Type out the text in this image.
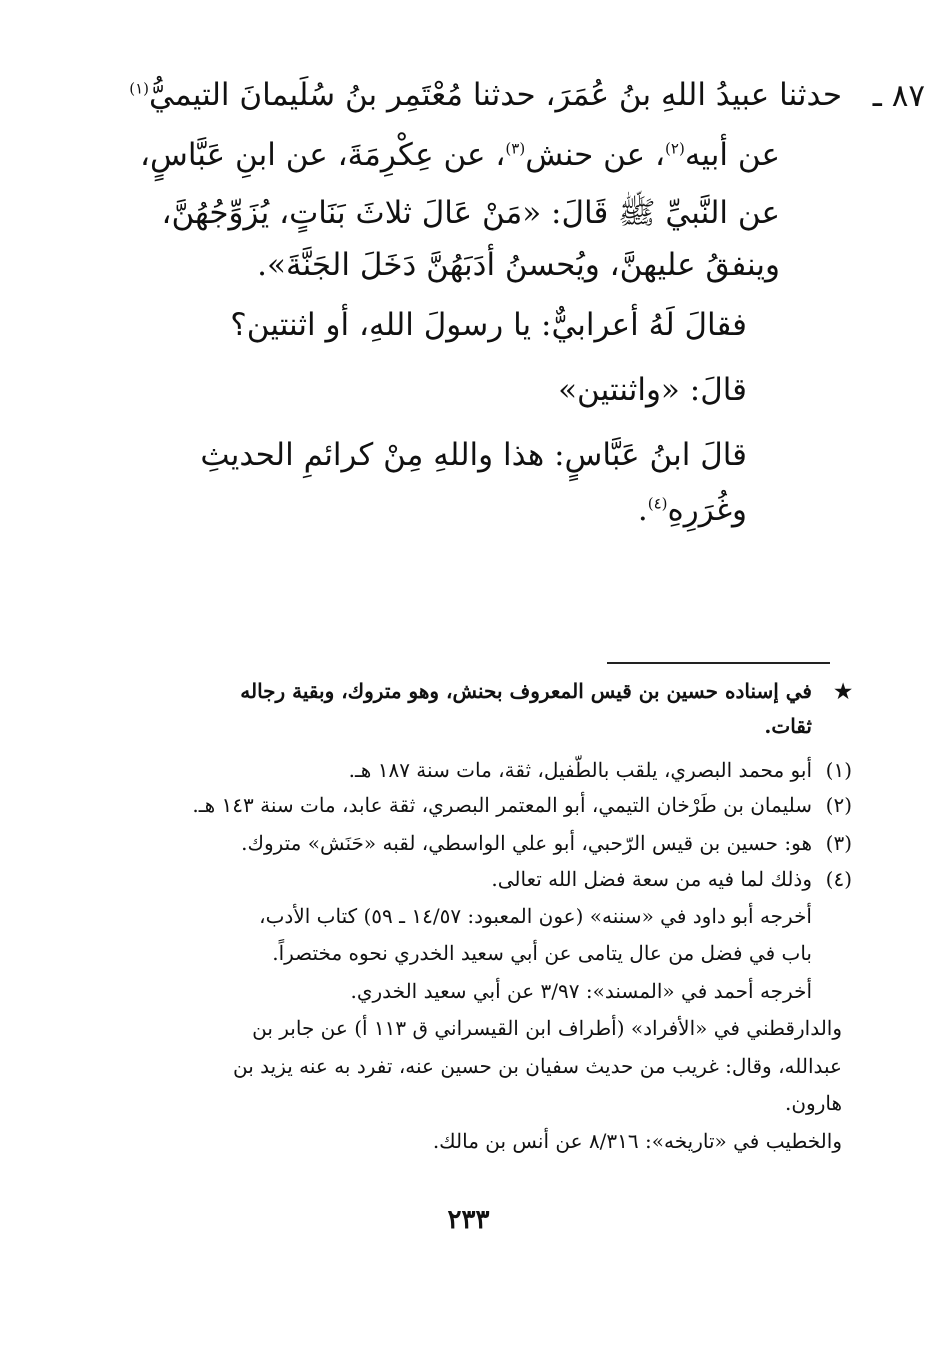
حدثنا عبيدُ اللهِ بنُ عُمَرَ، حدثنا مُعْتَمِر بنُ سُلَيمانَ التيميُّ$^{(١)}$	٨٧ ـ
عن أبيه$^{(٢)}$، عن حنش$^{(٣)}$، عن عِكْرِمَةَ، عن ابنِ عَبَّاسٍ،
عن النَّبيِّ ﷺ قَالَ: «مَنْ عَالَ ثلاثَ بَنَاتٍ، يُزَوِّجُهُنَّ،
وينفقُ عليهنَّ، ويُحسنُ أدَبَهُنَّ دَخَلَ الجَنَّةَ».
فقالَ لَهُ أعرابيٌّ: يا رسولَ اللهِ، أو اثنتين؟
قالَ: «واثنتين»
قالَ ابنُ عَبَّاسٍ: هذا واللهِ مِنْ كرائمِ الحديثِ
وغُرَرِهِ$^{(٤)}$.
★
في إسناده حسين بن قيس المعروف بحنش، وهو متروك، وبقية رجاله
ثقات.
(١)
أبو محمد البصري، يلقب بالطّفيل، ثقة، مات سنة ١٨٧ هـ.
(٢)
سليمان بن طَرْخان التيمي، أبو المعتمر البصري، ثقة عابد، مات سنة ١٤٣ هـ.
(٣)
هو: حسين بن قيس الرّحبي، أبو علي الواسطي، لقبه «حَنَش» متروك.
(٤)
وذلك لما فيه من سعة فضل الله تعالى.
أخرجه أبو داود في «سننه» (عون المعبود: ١٤/٥٧ ـ ٥٩) كتاب الأدب،
باب في فضل من عال يتامى عن أبي سعيد الخدري نحوه مختصراً.
أخرجه أحمد في «المسند»: ٣/٩٧ عن أبي سعيد الخدري.
والدارقطني في «الأفراد» (أطراف ابن القيسراني ق ١١٣ أ) عن جابر بن
عبدالله، وقال: غريب من حديث سفيان بن حسين عنه، تفرد به عنه يزيد بن
هارون.
والخطيب في «تاريخه»: ٨/٣١٦ عن أنس بن مالك.
٢٣٣
